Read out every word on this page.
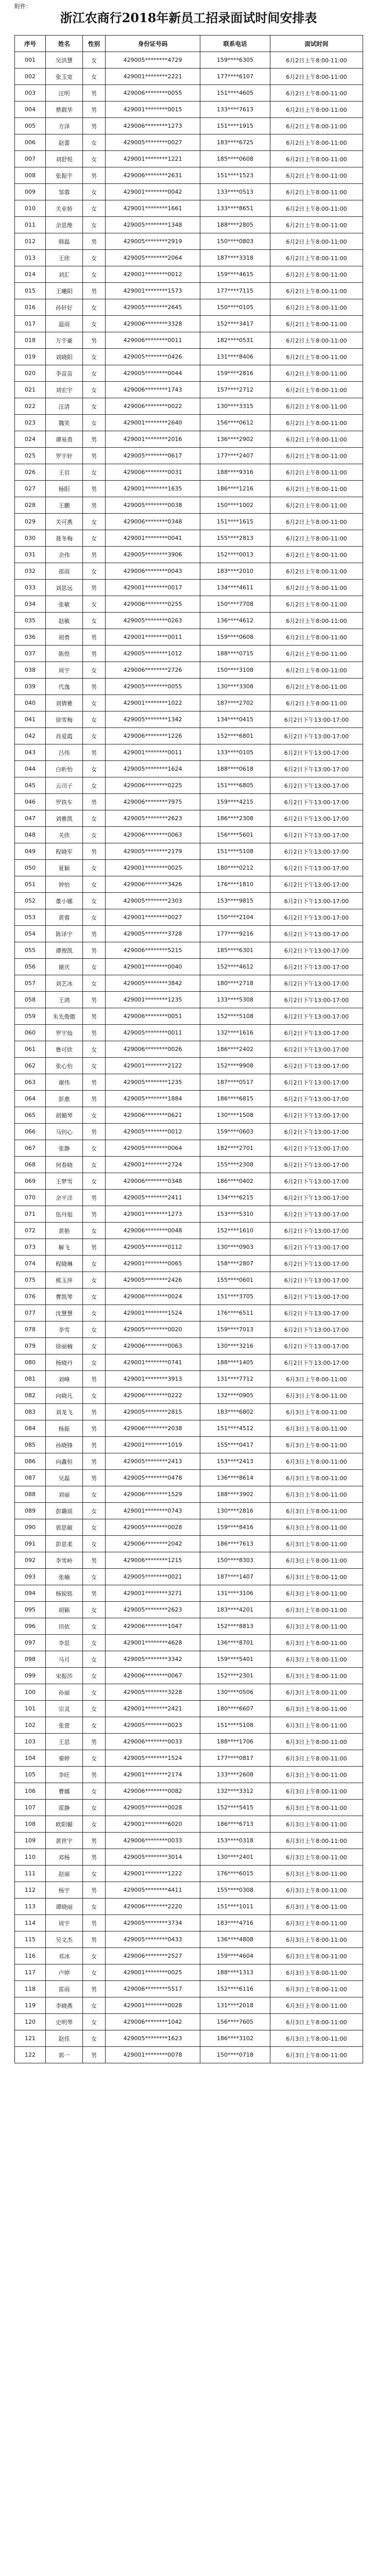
附件：
浙江农商行2018年新员工招录面试时间安排表
序号	姓名	性别	身份证号码	联系电话	面试时间
001	吴洪慧	女	429005********4729	159****6305	6月2日上午8:00-11:00
002	张玉宽	女	429001********2221	177****6107	6月2日上午8:00-11:00
003	汪明	男	429006********0055	151****4605	6月2日上午8:00-11:00
004	蔡载华	男	429001********0015	133****7613	6月2日上午8:00-11:00
005	方泽	男	429006********1273	151****1915	6月2日上午8:00-11:00
006	赵蕾	女	429005********0027	183****6725	6月2日上午8:00-11:00
007	刘舒悦	女	429001********1221	185****0608	6月2日上午8:00-11:00
008	张振宇	男	429006********2631	151****1523	6月2日上午8:00-11:00
009	邹蓉	女	429001********0042	133****0513	6月2日上午8:00-11:00
010	关业娇	女	429001********1661	133****8651	6月2日上午8:00-11:00
011	余思维	女	429005********1348	188****2805	6月2日上午8:00-11:00
012	韩磊	男	429005********2919	150****0803	6月2日上午8:00-11:00
013	王欣	女	429005********2064	187****3318	6月2日上午8:00-11:00
014	刘汇	女	429001********0012	159****4615	6月2日上午8:00-11:00
015	王曦阳	男	429001********1573	177****7115	6月2日上午8:00-11:00
016	孙轩好	女	429005********2645	150****0105	6月2日上午8:00-11:00
017	温雨	女	429006********3328	152****3417	6月2日上午8:00-11:00
018	万宇豪	男	429006********0011	182****0531	6月2日上午8:00-11:00
019	刘晓阳	女	429005********0426	131****8406	6月2日上午8:00-11:00
020	李苗苗	女	429005********0044	159****2816	6月2日上午8:00-11:00
021	刘宏宇	女	429006********1743	157****2712	6月2日上午8:00-11:00
022	汪清	女	429006********0022	130****3315	6月2日上午8:00-11:00
023	魏笑	女	429001********2640	156****0612	6月2日上午8:00-11:00
024	谭易贵	男	429001********2016	136****2902	6月2日上午8:00-11:00
025	罗宇轩	男	429005********0617	177****2407	6月2日上午8:00-11:00
026	王岩	女	429006********0031	188****9316	6月2日上午8:00-11:00
027	杨阳	男	429001********1635	186****1216	6月2日上午8:00-11:00
028	王鹏	男	429005********0038	150****1002	6月2日上午8:00-11:00
029	关可燕	女	429006********0348	151****1615	6月2日上午8:00-11:00
030	聂冬梅	女	429001********0041	155****2813	6月2日上午8:00-11:00
031	余伟	男	429005********3906	152****0013	6月2日上午8:00-11:00
032	邵雨	女	429006********0043	183****2010	6月2日上午8:00-11:00
033	刘思远	男	429001********0017	134****4611	6月2日上午8:00-11:00
034	张敏	女	429006********0255	150****7708	6月2日上午8:00-11:00
035	赵敏	女	429005********0263	136****4612	6月2日上午8:00-11:00
036	胡勇	男	429001********0011	159****0608	6月2日上午8:00-11:00
037	陈煌	男	429005********1012	188****0715	6月2日上午8:00-11:00
038	周宇	女	429006********2726	150****3108	6月2日上午8:00-11:00
039	代逸	男	429005********0055	130****3308	6月2日上午8:00-11:00
040	刘倩雅	女	429001********1022	187****2702	6月2日上午8:00-11:00
041	徐雪梅	女	429005********1342	134****0415	6月2日下午13:00-17:00
042	肖爱霞	女	429006********1226	152****6801	6月2日下午13:00-17:00
043	吕伟	男	429001********0011	133****0105	6月2日下午13:00-17:00
044	白昕怡	女	429005********1624	188****0618	6月2日下午13:00-17:00
045	云司子	女	429006********0225	151****6805	6月2日下午13:00-17:00
046	罗铁车	男	429006********7975	159****4215	6月2日下午13:00-17:00
047	刘雅凯	女	429005********2623	186****2308	6月2日下午13:00-17:00
048	关欣	女	429006********0063	156****5601	6月2日下午13:00-17:00
049	程晓军	男	429005********2179	151****5108	6月2日下午13:00-17:00
050	夏颖	女	429001********0025	180****0212	6月2日下午13:00-17:00
051	钟怡	女	429006********3426	176****1810	6月2日下午13:00-17:00
052	董小娜	女	429005********2303	153****9815	6月2日下午13:00-17:00
053	黄蓉	女	429001********0027	150****2104	6月2日下午13:00-17:00
054	陈译宇	男	429005********3728	177****9216	6月2日下午13:00-17:00
055	谭俊凯	男	429006********5215	185****6301	6月2日下午13:00-17:00
056	谢庆	女	429001********0040	152****4612	6月2日下午13:00-17:00
057	刘艺冰	女	429005********3842	180****2718	6月2日下午13:00-17:00
058	王鸿	男	429001********1235	133****5308	6月2日下午13:00-17:00
059	朱先俊傲	男	429006********0051	152****5108	6月2日下午13:00-17:00
060	罗宇灿	男	429005********0011	132****1616	6月2日下午13:00-17:00
061	鲁可欣	女	429006********0026	186****2402	6月2日下午13:00-17:00
062	张心怡	女	429001********2122	152****9908	6月2日下午13:00-17:00
063	谢伟	男	429005********1235	187****0517	6月2日下午13:00-17:00
064	彭惠	男	429005********1884	186****6815	6月2日下午13:00-17:00
065	胡媚琴	女	429006********0621	130****1508	6月2日下午13:00-17:00
066	马钊心	男	429005********0012	159****0603	6月2日下午13:00-17:00
067	张静	女	429005********0064	182****2701	6月2日下午13:00-17:00
068	何春晓	女	429001********2724	155****2308	6月2日下午13:00-17:00
069	王梦雪	女	429006********0348	186****0402	6月2日下午13:00-17:00
070	余平洋	男	429005********2411	134****6215	6月2日下午13:00-17:00
071	伍丹旭	男	429001********1273	153****5310	6月2日下午13:00-17:00
072	黄艳	女	429006********0048	152****1610	6月2日下午13:00-17:00
073	解飞	男	429005********0112	130****0903	6月2日下午13:00-17:00
074	程晓琳	女	429001********0065	158****2807	6月2日下午13:00-17:00
075	熊玉萍	女	429005********2426	155****0601	6月2日下午13:00-17:00
076	曹凯琴	女	429006********0024	151****3705	6月2日下午13:00-17:00
077	沈慧慧	女	429001********1524	176****6511	6月2日下午13:00-17:00
078	李雪	女	429005********0020	159****7013	6月2日下午13:00-17:00
079	徐丽楠	女	429006********0063	130****3216	6月2日下午13:00-17:00
080	杨晓丹	女	429001********0741	188****1405	6月2日下午13:00-17:00
081	刘峰	男	429001********3913	131****7712	6月3日上午8:00-11:00
082	向晓凡	女	429006********0222	132****0905	6月3日上午8:00-11:00
083	刘龙飞	男	429005********2815	183****6802	6月3日上午8:00-11:00
084	杨振	男	429006********2038	151****4512	6月3日上午8:00-11:00
085	孙晓锋	男	429001********1019	155****0417	6月3日上午8:00-11:00
086	向鑫恒	男	429005********2413	153****2413	6月3日上午8:00-11:00
087	吴磊	男	429005********0478	136****8614	6月3日上午8:00-11:00
088	刘丽	女	429006********1529	188****3902	6月3日上午8:00-11:00
089	彭璐瑶	女	429001********0743	130****2816	6月3日上午8:00-11:00
090	郭思敏	女	429005********0028	159****8416	6月3日上午8:00-11:00
091	彭思柔	女	429006********2042	186****7613	6月3日上午8:00-11:00
092	李雪岭	男	429006********1215	150****8303	6月3日上午8:00-11:00
093	张楠	女	429005********0021	187****1407	6月3日上午8:00-11:00
094	杨锐铭	男	429001********3271	131****3106	6月3日上午8:00-11:00
095	胡颖	女	429005********2623	183****4201	6月3日上午8:00-11:00
096	田依	女	429006********1047	152****8813	6月3日上午8:00-11:00
097	李思	女	429001********4628	136****8701	6月3日上午8:00-11:00
098	马月	女	429005********3342	159****5401	6月3日上午8:00-11:00
099	宋振莎	女	429006********0067	152****2301	6月3日上午8:00-11:00
100	孙丽	女	429005********3228	130****0506	6月3日上午8:00-11:00
101	宗灵	女	429001********2421	180****6607	6月3日上午8:00-11:00
102	张萱	女	429005********0023	151****5108	6月3日上午8:00-11:00
103	王思	男	429006********0033	188****1706	6月3日上午8:00-11:00
104	秦婷	女	429005********1524	177****0817	6月3日上午8:00-11:00
105	李旺	男	429001********2174	133****2608	6月3日上午8:00-11:00
106	曹娜	女	429006********0082	132****3312	6月3日上午8:00-11:00
107	雷静	女	429005********0028	152****5415	6月3日上午8:00-11:00
108	欧阳媚	女	429001********6020	186****6713	6月3日上午8:00-11:00
109	黄世宇	男	429006********0033	153****0318	6月3日上午8:00-11:00
110	邓杨	男	429005********3014	130****2401	6月3日上午8:00-11:00
111	赵丽	女	429001********1222	176****6015	6月3日上午8:00-11:00
112	杨宇	男	429005********4411	155****0308	6月3日上午8:00-11:00
113	谭晓丽	女	429006********2220	151****1011	6月3日上午8:00-11:00
114	周宇	男	429005********3734	183****4716	6月3日上午8:00-11:00
115	吴文杰	男	429005********0433	136****4808	6月3日上午8:00-11:00
116	邓冰	女	429006********2527	159****4604	6月3日上午8:00-11:00
117	卢婷	女	429001********0025	188****1313	6月3日上午8:00-11:00
118	雷雨	男	429006********5517	152****6116	6月3日上午8:00-11:00
119	李晓燕	女	429001********0028	131****2018	6月3日上午8:00-11:00
120	史明琴	女	429006********1042	156****7605	6月3日上午8:00-11:00
121	赵佳	女	429005********1623	186****3102	6月3日上午8:00-11:00
122	郭一	男	429001********0078	150****0718	6月3日上午8:00-11:00
